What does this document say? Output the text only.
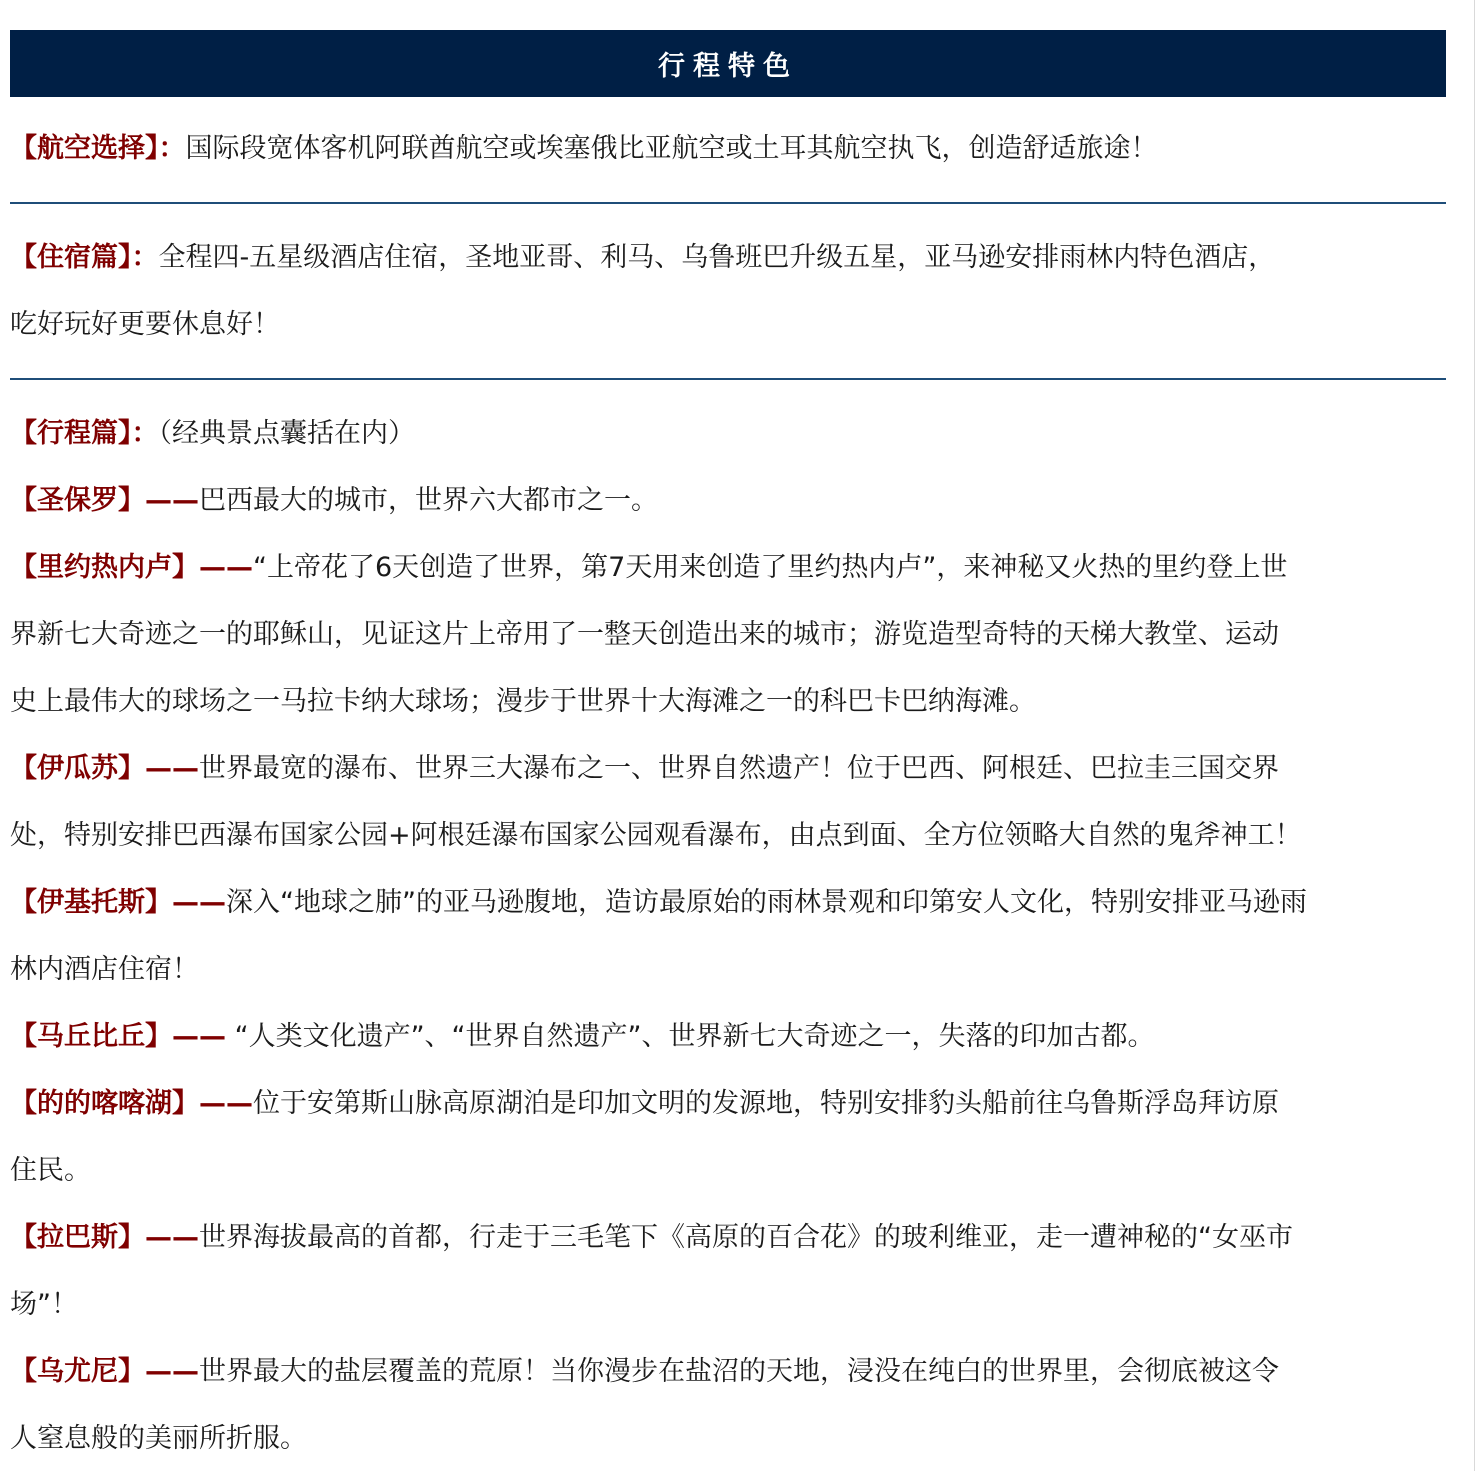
行程特色

【航空选择】：国际段宽体客机阿联酋航空或埃塞俄比亚航空或土耳其航空执飞，创造舒适旅途！

【住宿篇】：全程四-五星级酒店住宿，圣地亚哥、利马、乌鲁班巴升级五星，亚马逊安排雨林内特色酒店，

吃好玩好更要休息好！

【行程篇】：（经典景点囊括在内）

【圣保罗】——巴西最大的城市，世界六大都市之一。

【里约热内卢】——“上帝花了6天创造了世界，第7天用来创造了里约热内卢”，来神秘又火热的里约登上世

界新七大奇迹之一的耶稣山，见证这片上帝用了一整天创造出来的城市；游览造型奇特的天梯大教堂、运动

史上最伟大的球场之一马拉卡纳大球场；漫步于世界十大海滩之一的科巴卡巴纳海滩。

【伊瓜苏】——世界最宽的瀑布、世界三大瀑布之一、世界自然遗产！位于巴西、阿根廷、巴拉圭三国交界

处，特别安排巴西瀑布国家公园+阿根廷瀑布国家公园观看瀑布，由点到面、全方位领略大自然的鬼斧神工！

【伊基托斯】——深入“地球之肺”的亚马逊腹地，造访最原始的雨林景观和印第安人文化，特别安排亚马逊雨

林内酒店住宿！

【马丘比丘】—— “人类文化遗产”、“世界自然遗产”、世界新七大奇迹之一，失落的印加古都。

【的的喀喀湖】——位于安第斯山脉高原湖泊是印加文明的发源地，特别安排豹头船前往乌鲁斯浮岛拜访原

住民。

【拉巴斯】——世界海拔最高的首都，行走于三毛笔下《高原的百合花》的玻利维亚，走一遭神秘的“女巫市

场”！

【乌尤尼】——世界最大的盐层覆盖的荒原！当你漫步在盐沼的天地，浸没在纯白的世界里，会彻底被这令

人窒息般的美丽所折服。
